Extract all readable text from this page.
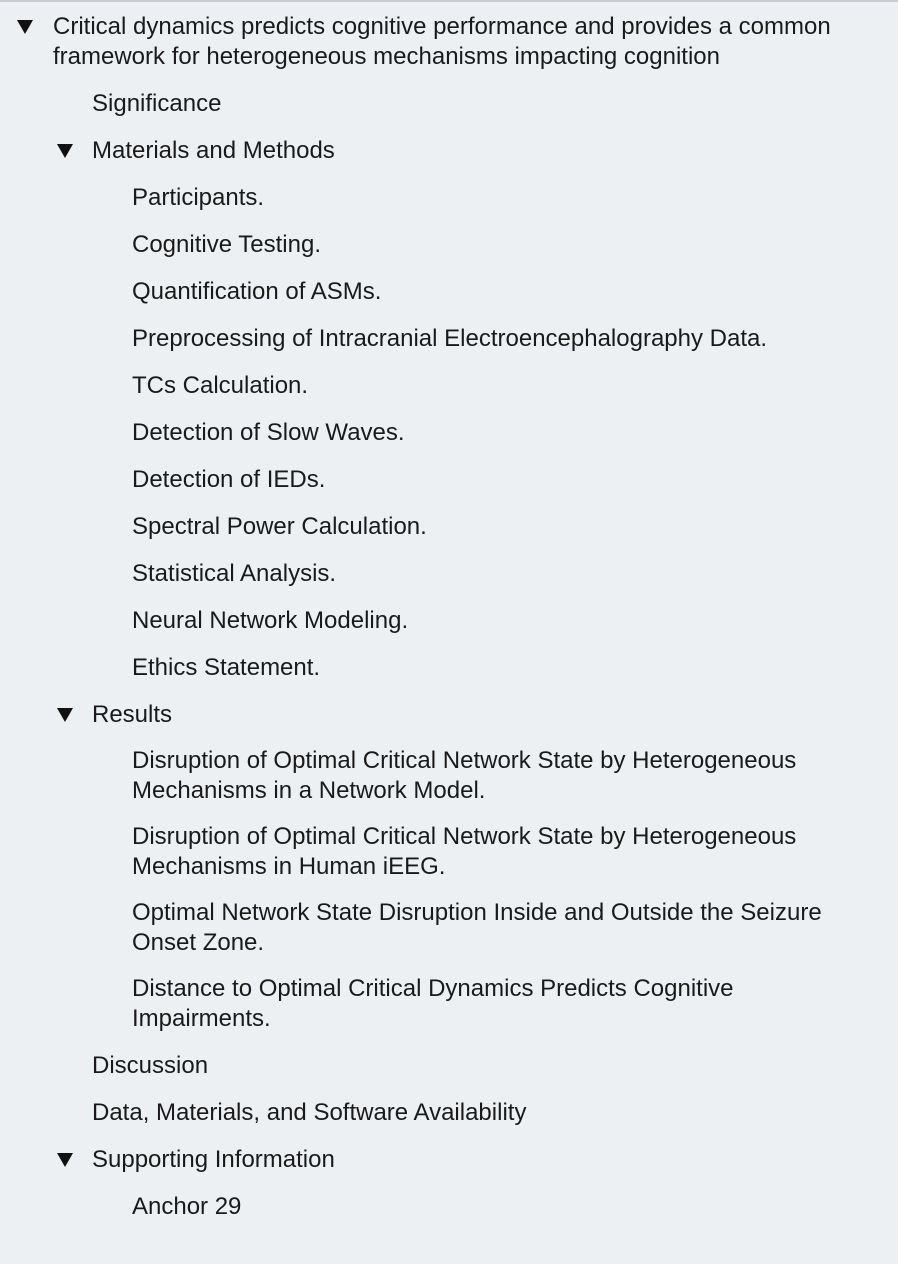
Critical dynamics predicts cognitive performance and provides a common framework for heterogeneous mechanisms impacting cognition
Significance
Materials and Methods
Participants.
Cognitive Testing.
Quantification of ASMs.
Preprocessing of Intracranial Electroencephalography Data.
TCs Calculation.
Detection of Slow Waves.
Detection of IEDs.
Spectral Power Calculation.
Statistical Analysis.
Neural Network Modeling.
Ethics Statement.
Results
Disruption of Optimal Critical Network State by Heterogeneous Mechanisms in a Network Model.
Disruption of Optimal Critical Network State by Heterogeneous Mechanisms in Human iEEG.
Optimal Network State Disruption Inside and Outside the Seizure Onset Zone.
Distance to Optimal Critical Dynamics Predicts Cognitive Impairments.
Discussion
Data, Materials, and Software Availability
Supporting Information
Anchor 29
